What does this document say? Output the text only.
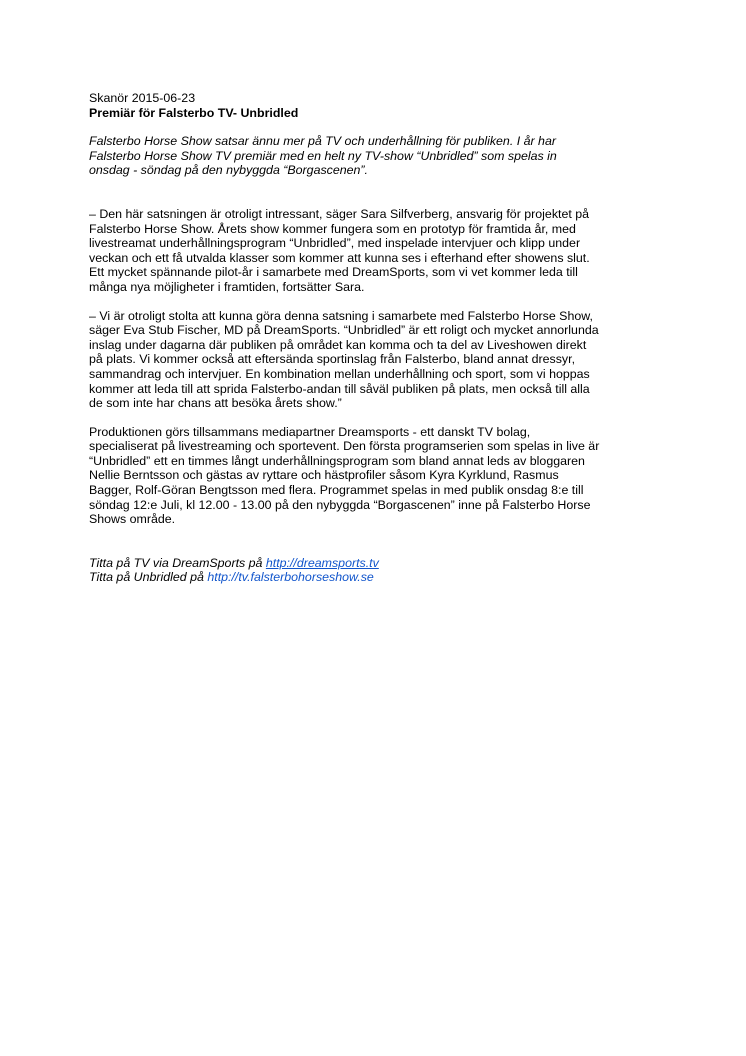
Skanör 2015-06-23
Premiär för Falsterbo TV- Unbridled
Falsterbo Horse Show satsar ännu mer på TV och underhållning för publiken. I år har
Falsterbo Horse Show TV premiär med en helt ny TV-show “Unbridled” som spelas in
onsdag - söndag på den nybyggda “Borgascenen”.
– Den här satsningen är otroligt intressant, säger Sara Silfverberg, ansvarig för projektet på
Falsterbo Horse Show. Årets show kommer fungera som en prototyp för framtida år, med
livestreamat underhållningsprogram “Unbridled”, med inspelade intervjuer och klipp under
veckan och ett få utvalda klasser som kommer att kunna ses i efterhand efter showens slut.
Ett mycket spännande pilot-år i samarbete med DreamSports, som vi vet kommer leda till
många nya möjligheter i framtiden, fortsätter Sara.
– Vi är otroligt stolta att kunna göra denna satsning i samarbete med Falsterbo Horse Show,
säger Eva Stub Fischer, MD på DreamSports. “Unbridled” är ett roligt och mycket annorlunda
inslag under dagarna där publiken på området kan komma och ta del av Liveshowen direkt
på plats. Vi kommer också att eftersända sportinslag från Falsterbo, bland annat dressyr,
sammandrag och intervjuer. En kombination mellan underhållning och sport, som vi hoppas
kommer att leda till att sprida Falsterbo-andan till såväl publiken på plats, men också till alla
de som inte har chans att besöka årets show.”
Produktionen görs tillsammans mediapartner Dreamsports - ett danskt TV bolag,
specialiserat på livestreaming och sportevent. Den första programserien som spelas in live är
“Unbridled” ett en timmes långt underhållningsprogram som bland annat leds av bloggaren
Nellie Berntsson och gästas av ryttare och hästprofiler såsom Kyra Kyrklund, Rasmus
Bagger, Rolf-Göran Bengtsson med flera. Programmet spelas in med publik onsdag 8:e till
söndag 12:e Juli, kl 12.00 - 13.00 på den nybyggda “Borgascenen” inne på Falsterbo Horse
Shows område.
Titta på TV via DreamSports på http://dreamsports.tv
Titta på Unbridled på http://tv.falsterbohorseshow.se
